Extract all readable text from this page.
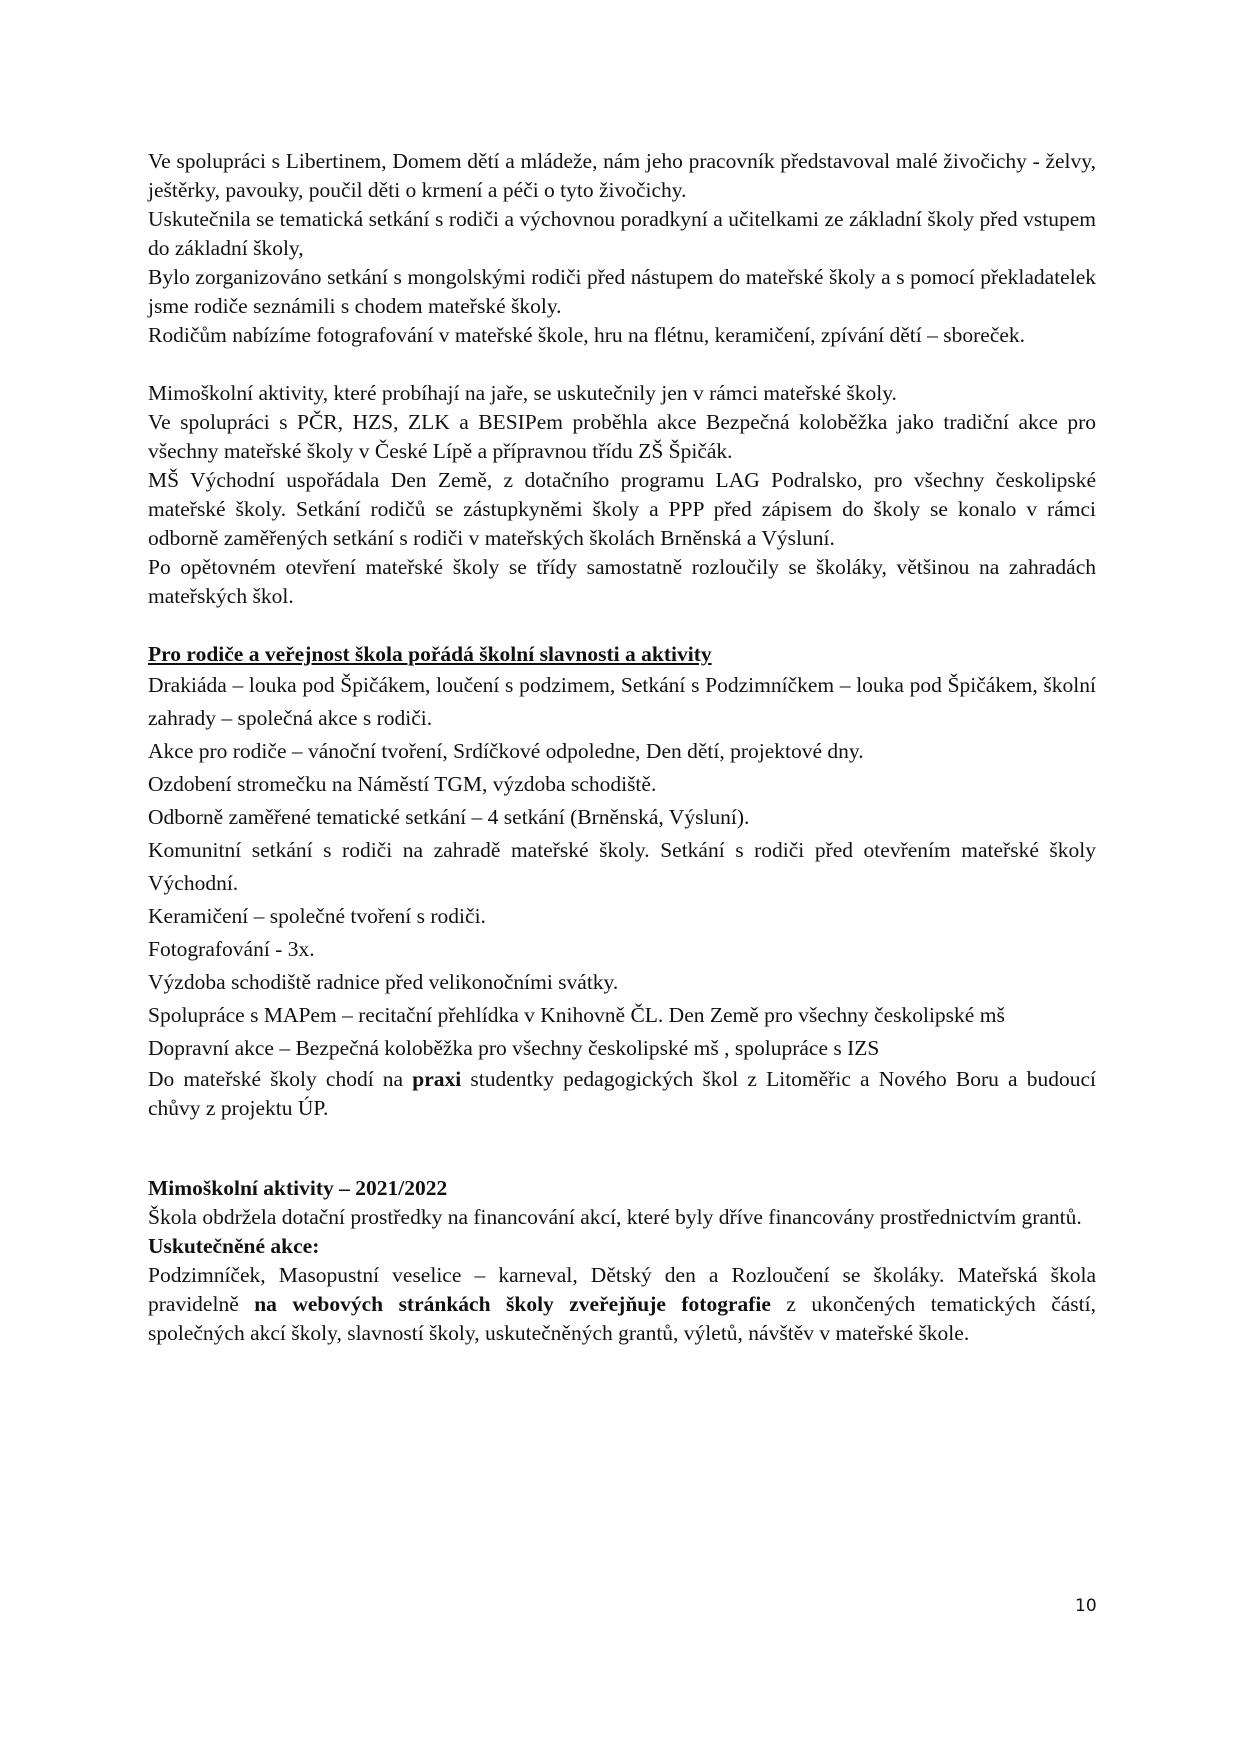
Ve spolupráci s Libertinem, Domem dětí a mládeže, nám jeho pracovník představoval malé živočichy - želvy, ještěrky, pavouky, poučil děti o krmení a péči o tyto živočichy.

Uskutečnila se tematická setkání s rodiči a výchovnou poradkyní a učitelkami ze základní školy před vstupem do základní školy,

Bylo zorganizováno setkání s mongolskými rodiči před nástupem do mateřské školy a s pomocí překladatelek jsme rodiče seznámili s chodem mateřské školy.

Rodičům nabízíme fotografování v mateřské škole, hru na flétnu, keramičení, zpívání dětí – sboreček.

Mimoškolní aktivity, které probíhají na jaře, se uskutečnily jen v rámci mateřské školy.

Ve spolupráci s PČR, HZS, ZLK a BESIPem proběhla akce Bezpečná koloběžka jako tradiční akce pro všechny mateřské školy v České Lípě a přípravnou třídu ZŠ Špičák.

MŠ Východní uspořádala Den Země, z dotačního programu LAG Podralsko, pro všechny českolipské mateřské školy. Setkání rodičů se zástupkyněmi školy a PPP před zápisem do školy se konalo v rámci odborně zaměřených setkání s rodiči v mateřských školách Brněnská a Výsluní.

Po opětovném otevření mateřské školy se třídy samostatně rozloučily se školáky, většinou na zahradách mateřských škol.

Pro rodiče a veřejnost škola pořádá školní slavnosti a aktivity

Drakiáda – louka pod Špičákem, loučení s podzimem, Setkání s Podzimníčkem – louka pod Špičákem, školní zahrady – společná akce s rodiči.

Akce pro rodiče – vánoční tvoření, Srdíčkové odpoledne, Den dětí, projektové dny.

Ozdobení stromečku na Náměstí TGM, výzdoba schodiště.

Odborně zaměřené tematické setkání – 4 setkání (Brněnská, Výsluní).

Komunitní setkání s rodiči na zahradě mateřské školy. Setkání s rodiči před otevřením mateřské školy Východní.

Keramičení – společné tvoření s rodiči.

Fotografování - 3x.

Výzdoba schodiště radnice před velikonočními svátky.

Spolupráce s MAPem – recitační přehlídka v Knihovně ČL. Den Země pro všechny českolipské mš

Dopravní akce – Bezpečná koloběžka pro všechny českolipské mš , spolupráce s IZS

Do mateřské školy chodí na praxi studentky pedagogických škol z Litoměřic a Nového Boru a budoucí chůvy z projektu ÚP.

Mimoškolní aktivity – 2021/2022

Škola obdržela dotační prostředky na financování akcí, které byly dříve financovány prostřednictvím grantů.

Uskutečněné akce:

Podzimníček, Masopustní veselice – karneval, Dětský den a Rozloučení se školáky. Mateřská škola pravidelně na webových stránkách školy zveřejňuje fotografie z ukončených tematických částí, společných akcí školy, slavností školy, uskutečněných grantů, výletů, návštěv v mateřské škole.

10
